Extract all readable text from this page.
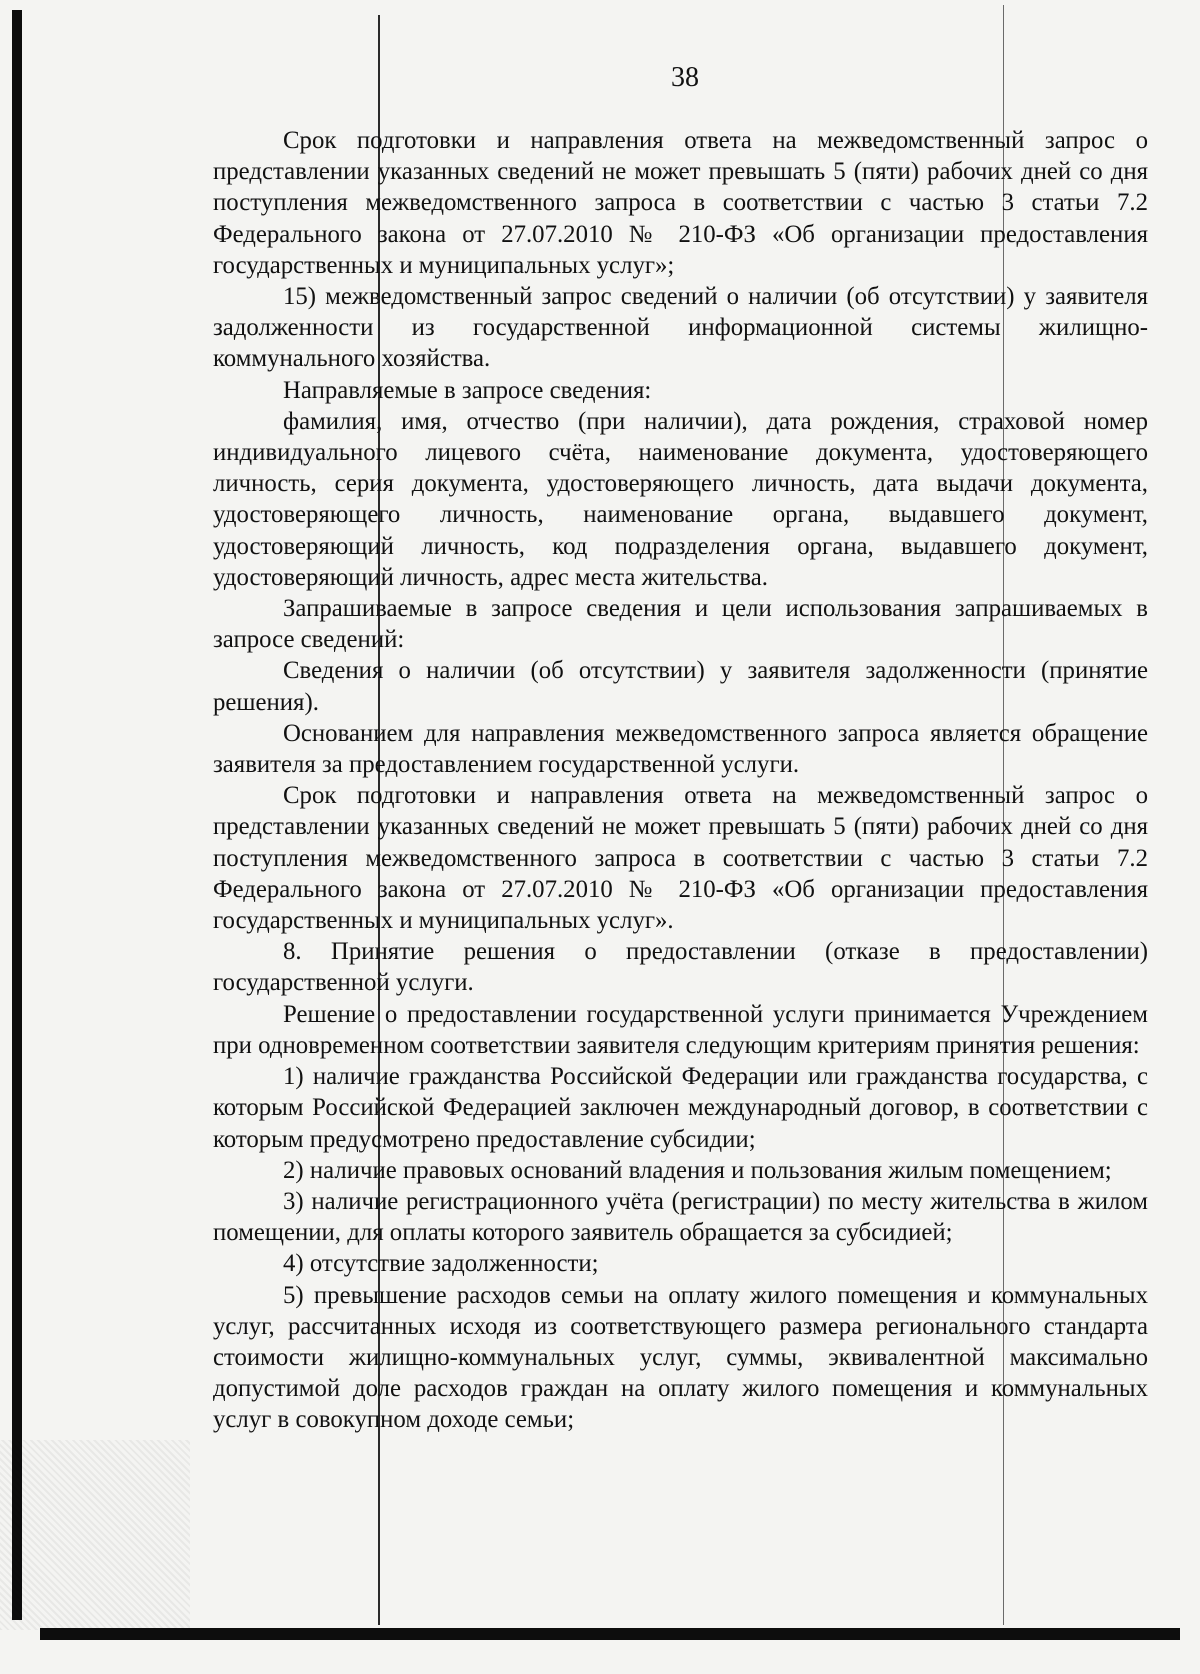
38

Срок подготовки и направления ответа на межведомственный запрос о представлении указанных сведений не может превышать 5 (пяти) рабочих дней со дня поступления межведомственного запроса в соответствии с частью 3 статьи 7.2 Федерального закона от 27.07.2010 № 210-ФЗ «Об организации предоставления государственных и муниципальных услуг»;

15) межведомственный запрос сведений о наличии (об отсутствии) у заявителя задолженности из государственной информационной системы жилищно-коммунального хозяйства.

Направляемые в запросе сведения:

фамилия, имя, отчество (при наличии), дата рождения, страховой номер индивидуального лицевого счёта, наименование документа, удостоверяющего личность, серия документа, удостоверяющего личность, дата выдачи документа, удостоверяющего личность, наименование органа, выдавшего документ, удостоверяющий личность, код подразделения органа, выдавшего документ, удостоверяющий личность, адрес места жительства.

Запрашиваемые в запросе сведения и цели использования запрашиваемых в запросе сведений:

Сведения о наличии (об отсутствии) у заявителя задолженности (принятие решения).

Основанием для направления межведомственного запроса является обращение заявителя за предоставлением государственной услуги.

Срок подготовки и направления ответа на межведомственный запрос о представлении указанных сведений не может превышать 5 (пяти) рабочих дней со дня поступления межведомственного запроса в соответствии с частью 3 статьи 7.2 Федерального закона от 27.07.2010 № 210-ФЗ «Об организации предоставления государственных и муниципальных услуг».

8. Принятие решения о предоставлении (отказе в предоставлении) государственной услуги.

Решение о предоставлении государственной услуги принимается Учреждением при одновременном соответствии заявителя следующим критериям принятия решения:

1) наличие гражданства Российской Федерации или гражданства государства, с которым Российской Федерацией заключен международный договор, в соответствии с которым предусмотрено предоставление субсидии;

2) наличие правовых оснований владения и пользования жилым помещением;

3) наличие регистрационного учёта (регистрации) по месту жительства в жилом помещении, для оплаты которого заявитель обращается за субсидией;

4) отсутствие задолженности;

5) превышение расходов семьи на оплату жилого помещения и коммунальных услуг, рассчитанных исходя из соответствующего размера регионального стандарта стоимости жилищно-коммунальных услуг, суммы, эквивалентной максимально допустимой доле расходов граждан на оплату жилого помещения и коммунальных услуг в совокупном доходе семьи;
